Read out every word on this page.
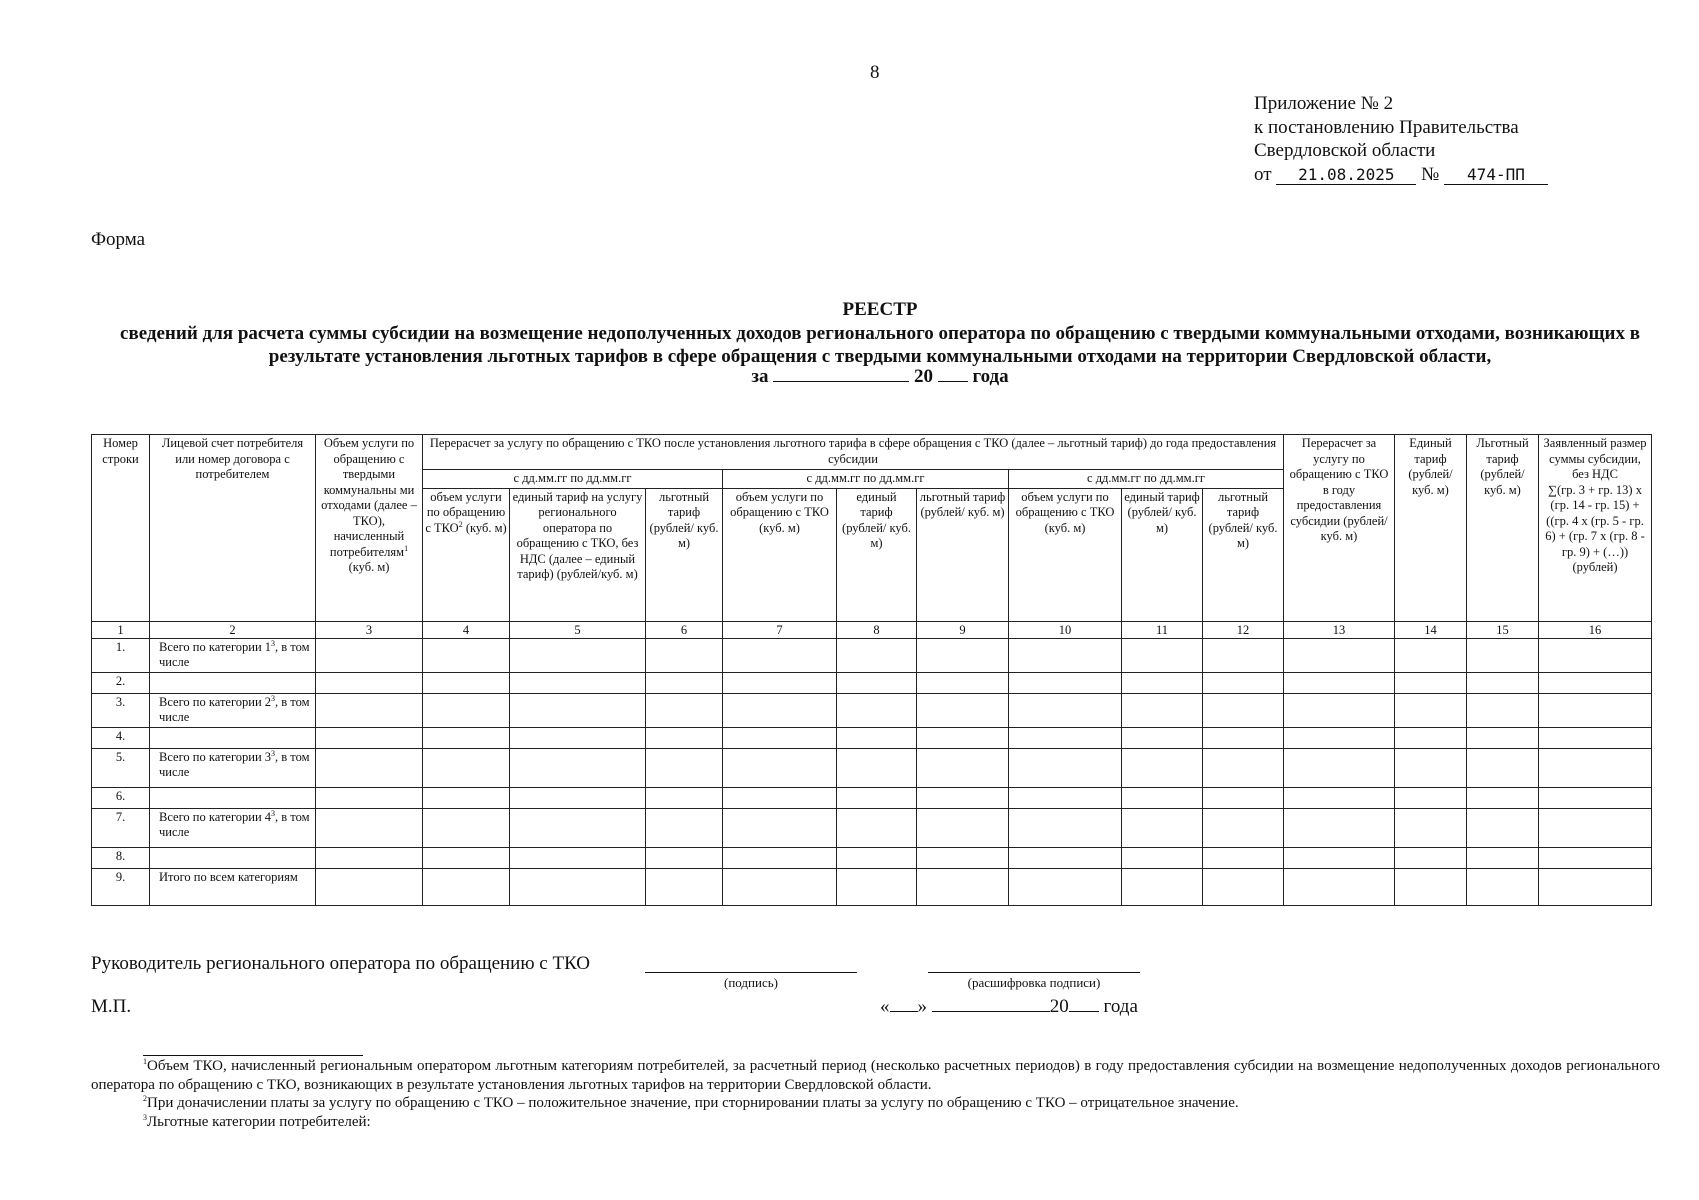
8
Приложение № 2
к постановлению Правительства
Свердловской области
от 21.08.2025 № 474-ПП
Форма
РЕЕСТР
сведений для расчета суммы субсидии на возмещение недополученных доходов регионального оператора по обращению с твердыми коммунальными отходами, возникающих в результате установления льготных тарифов в сфере обращения с твердыми коммунальными отходами на территории Свердловской области,
за	20 года
Номер строки	Лицевой счет потребителя или номер договора с потребителем	Объем услуги по обращению с твердыми коммунальны ми отходами (далее – ТКО), начисленный потребителям$^1$ (куб. м)	Перерасчет за услугу по обращению с ТКО после установления льготного тарифа в сфере обращения с ТКО (далее – льготный тариф) до года предоставления субсидии									Перерасчет за услугу по обращению с ТКО в году предоставления субсидии (рублей/ куб. м)	Единый тариф (рублей/ куб. м)	Льготный тариф (рублей/ куб. м)	Заявленный размер суммы субсидии, без НДС
∑(гр. 3 + гр. 13) x (гр. 14 - гр. 15) + ((гр. 4 x (гр. 5 - гр. 6) + (гр. 7 x (гр. 8 - гр. 9) + (…))
(рублей)

			с дд.мм.гг по дд.мм.гг			с дд.мм.гг по дд.мм.гг			с дд.мм.гг по дд.мм.гг						
			объем услуги по обращению с ТКО$^2$ (куб. м)	единый тариф на услугу регионального оператора по обращению с ТКО, без НДС (далее – единый тариф) (рублей/куб. м)	льготный тариф (рублей/ куб. м)	объем услуги по обращению с ТКО (куб. м)	единый тариф (рублей/ куб. м)	льготный тариф (рублей/ куб. м)	объем услуги по обращению с ТКО (куб. м)	единый тариф (рублей/ куб. м)	льготный тариф (рублей/ куб. м)				
1	2	3	4	5	6	7	8	9	10	11	12	13	14	15	16
1.	Всего по категории $1^3$, в том числе														
2.															
3.	Всего по категории $2^3$, в том числе														
4.															
5.	Всего по категории $3^3$, в том числе														
6.															
7.	Всего по категории $4^3$, в том числе														
8.															
9.	Итого по всем категориям														
Руководитель регионального оператора по обращению с ТКО
(подпись)	(расшифровка подписи)
М.П.	« »	20 года

$^1$Объем ТКО, начисленный региональным оператором льготным категориям потребителей, за расчетный период (несколько расчетных периодов) в году предоставления субсидии на возмещение недополученных доходов регионального оператора по обращению с ТКО, возникающих в результате установления льготных тарифов на территории Свердловской области.

$^2$При доначислении платы за услугу по обращению с ТКО – положительное значение, при сторнировании платы за услугу по обращению с ТКО – отрицательное значение.

$^3$Льготные категории потребителей:
